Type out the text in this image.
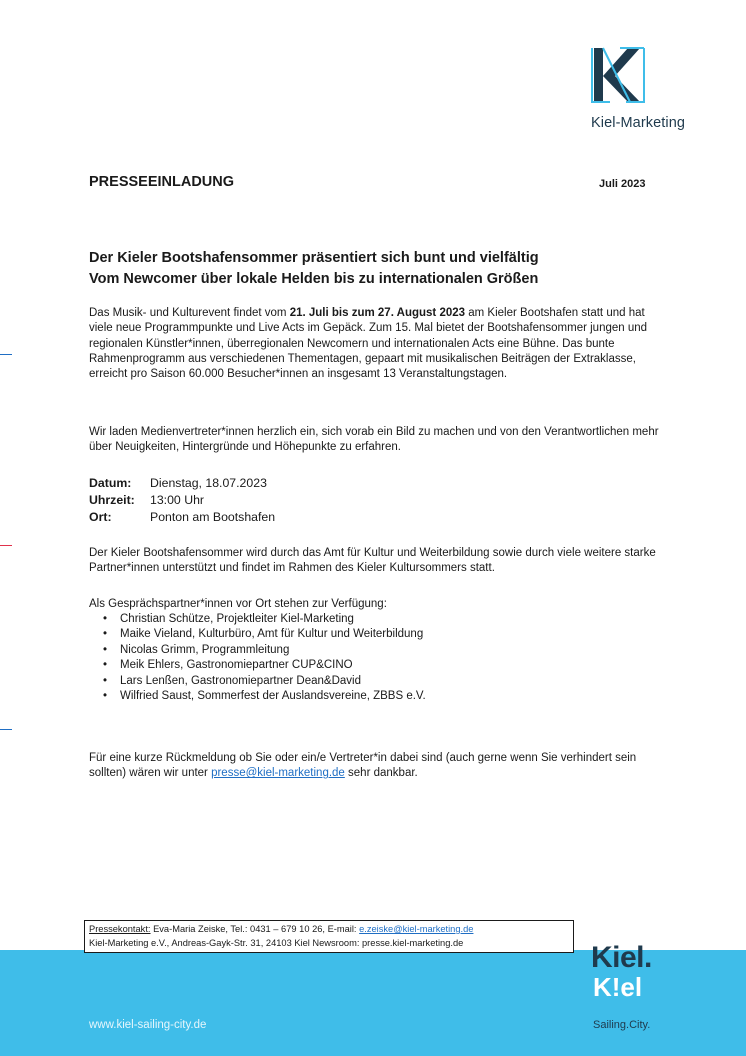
Kiel-Marketing
PRESSEEINLADUNG	Juli 2023
Der Kieler Bootshafensommer präsentiert sich bunt und vielfältig
Vom Newcomer über lokale Helden bis zu internationalen Größen
Das Musik- und Kulturevent findet vom 21. Juli bis zum 27. August 2023 am Kieler Bootshafen statt und hat viele neue Programmpunkte und Live Acts im Gepäck. Zum 15. Mal bietet der Bootshafensommer jungen und regionalen Künstler*innen, überregionalen Newcomern und internationalen Acts eine Bühne. Das bunte Rahmenprogramm aus verschiedenen Thementagen, gepaart mit musikalischen Beiträgen der Extraklasse, erreicht pro Saison 60.000 Besucher*innen an insgesamt 13 Veranstaltungstagen.
Wir laden Medienvertreter*innen herzlich ein, sich vorab ein Bild zu machen und von den Verantwortlichen mehr über Neuigkeiten, Hintergründe und Höhepunkte zu erfahren.
Datum:	Dienstag, 18.07.2023
Uhrzeit:	13:00 Uhr
Ort:	Ponton am Bootshafen
Der Kieler Bootshafensommer wird durch das Amt für Kultur und Weiterbildung sowie durch viele weitere starke Partner*innen unterstützt und findet im Rahmen des Kieler Kultursommers statt.
Als Gesprächspartner*innen vor Ort stehen zur Verfügung:
• Christian Schütze, Projektleiter Kiel-Marketing
• Maike Vieland, Kulturbüro, Amt für Kultur und Weiterbildung
• Nicolas Grimm, Programmleitung
• Meik Ehlers, Gastronomiepartner CUP&CINO
• Lars Lenßen, Gastronomiepartner Dean&David
• Wilfried Saust, Sommerfest der Auslandsvereine, ZBBS e.V.
Für eine kurze Rückmeldung ob Sie oder ein/e Vertreter*in dabei sind (auch gerne wenn Sie verhindert sein sollten) wären wir unter presse@kiel-marketing.de sehr dankbar.
www.kiel-sailing-city.de
Pressekontakt: Eva-Maria Zeiske, Tel.: 0431 – 679 10 26, E-mail: e.zeiske@kiel-marketing.de
Kiel-Marketing e.V., Andreas-Gayk-Str. 31, 24103 Kiel Newsroom: presse.kiel-marketing.de	Kiel.
K!el
Sailing.City.
